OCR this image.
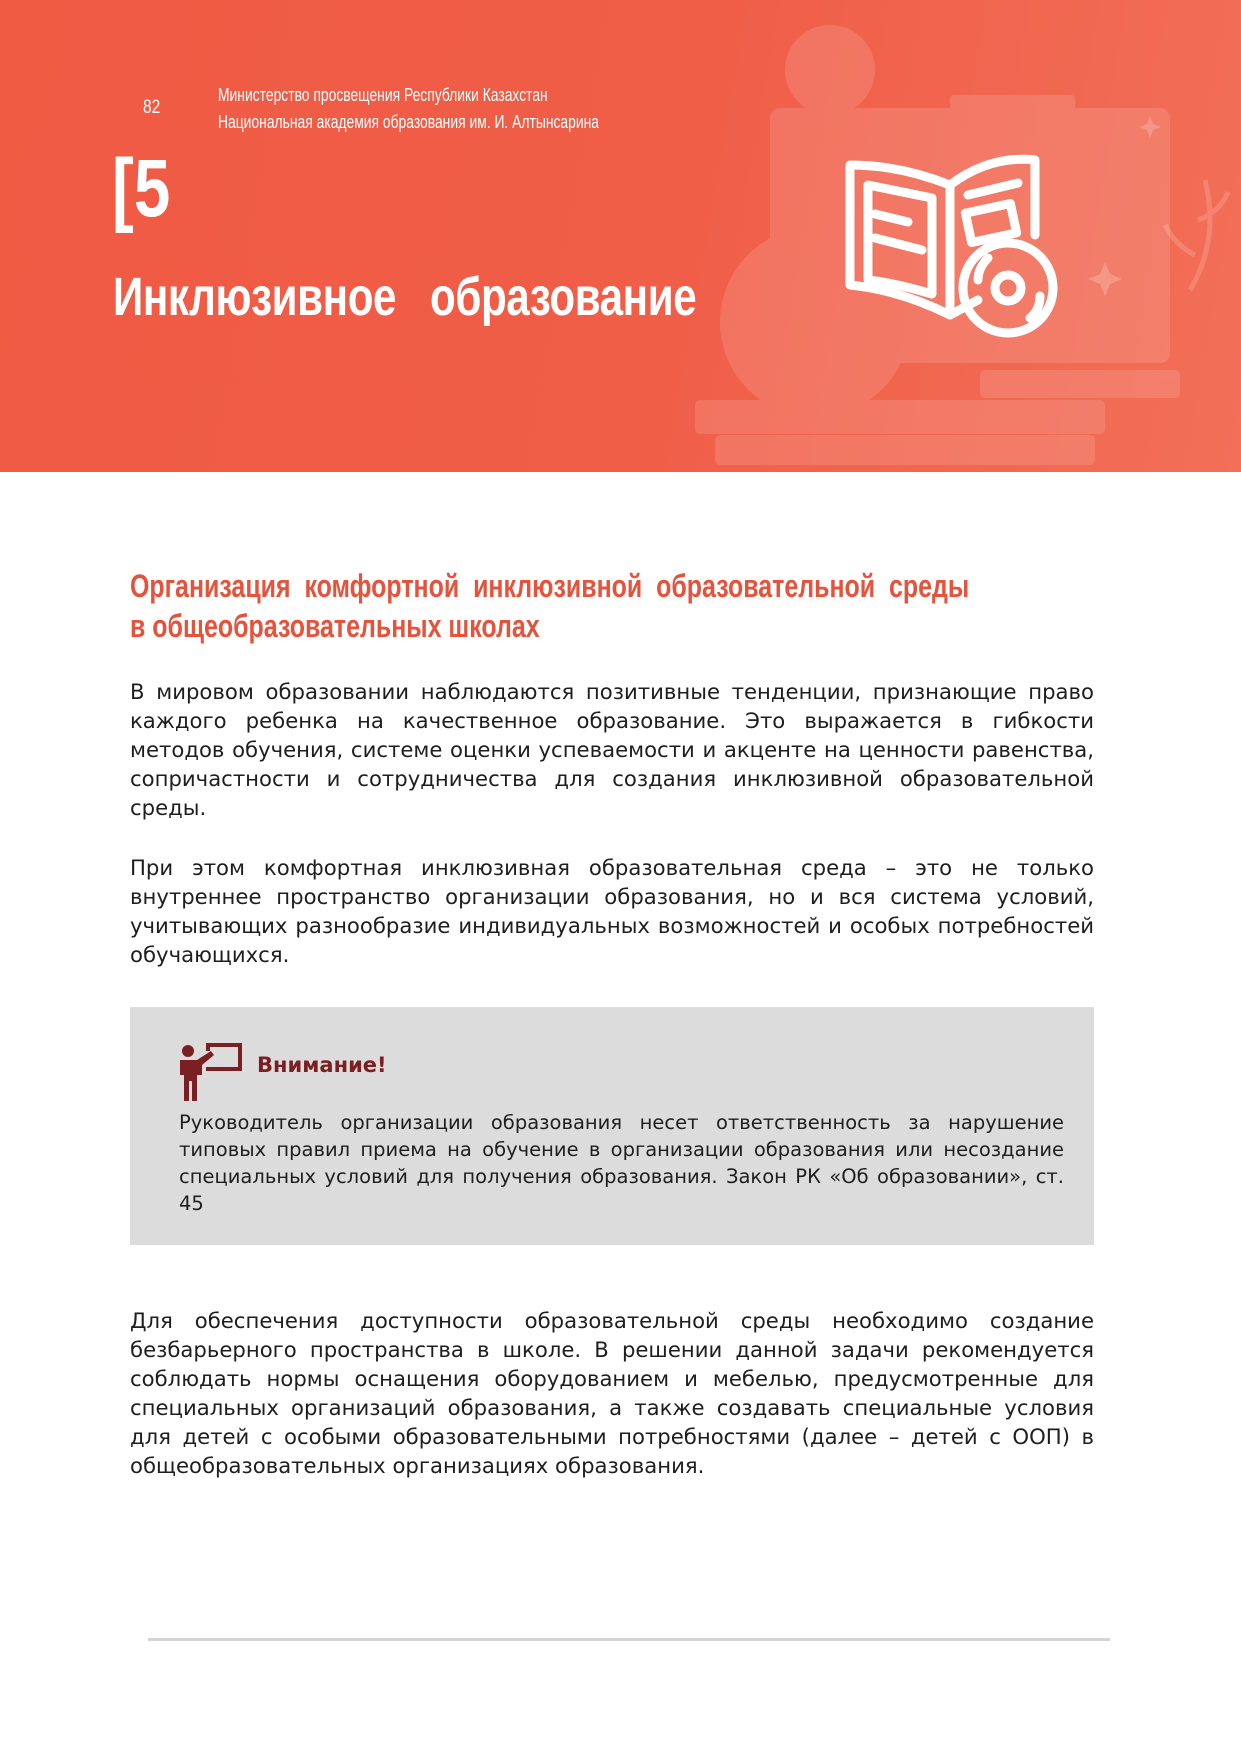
82
Министерство просвещения Республики Казахстан
Национальная академия образования им. И. Алтынсарина
[5
Инклюзивное   образование
Организация  комфортной  инклюзивной  образовательной  среды
в общеобразовательных школах

В мировом образовании наблюдаются позитивные тенденции, признающие право каждого ребенка на качественное образование. Это выражается в гибкости методов обучения, системе оценки успеваемости и акценте на ценности равенства, сопричастности и сотрудничества для создания инклюзивной образовательной среды.

При этом комфортная инклюзивная образовательная среда – это не только внутреннее пространство организации образования, но и вся система условий, учитывающих разнообразие индивидуальных возможностей и особых потребностей обучающихся.

Внимание!

Руководитель организации образования несет ответственность за нарушение типовых правил приема на обучение в организации образования или несоздание специальных условий для получения образования. Закон РК «Об образовании», ст. 45

Для обеспечения доступности образовательной среды необходимо создание безбарьерного пространства в школе. В решении данной задачи рекомендуется соблюдать нормы оснащения оборудованием и мебелью, предусмотренные для специальных организаций образования, а также создавать специальные условия для детей с особыми образовательными потребностями (далее – детей с ООП) в общеобразовательных организациях образования.
